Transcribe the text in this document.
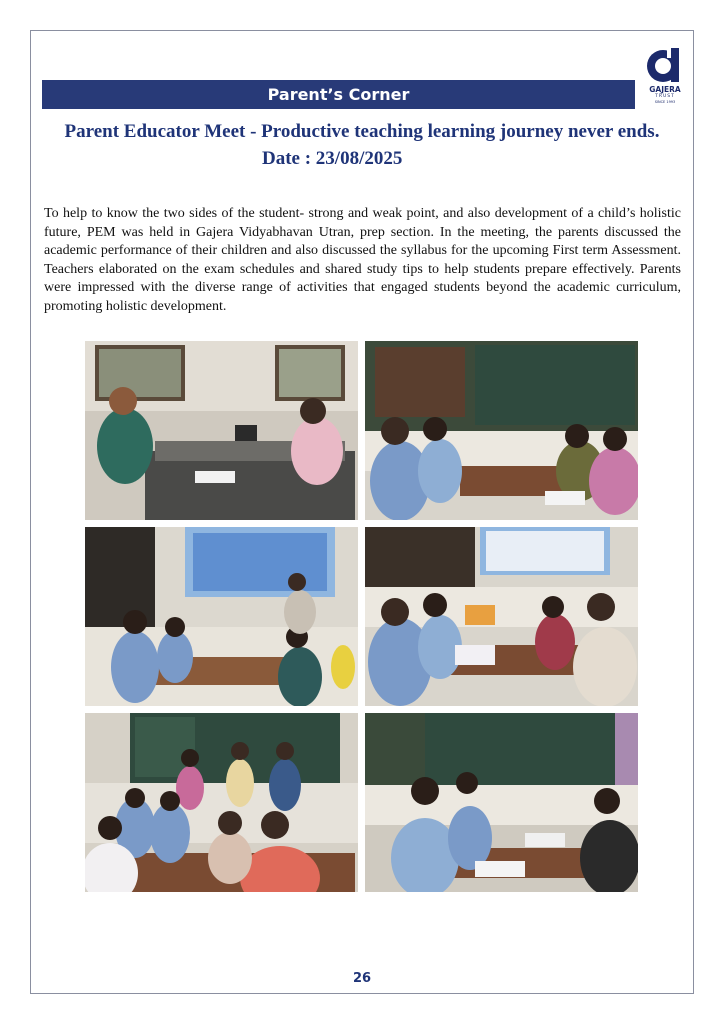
GAJERA
TRUST
SINCE 1993
Parent’s Corner
Parent Educator Meet - Productive teaching learning journey never ends.
Date : 23/08/2025
To help to know the two sides of the student- strong and weak point, and also development of a child’s holistic future, PEM was held in Gajera Vidyabhavan Utran, prep section. In the meeting, the parents discussed the academic performance of their children and also discussed the syllabus for the upcoming First term Assessment. Teachers elaborated on the exam schedules and shared study tips to help students prepare effectively. Parents were impressed with the diverse range of activities that engaged students beyond the academic curriculum, promoting holistic development.
26
